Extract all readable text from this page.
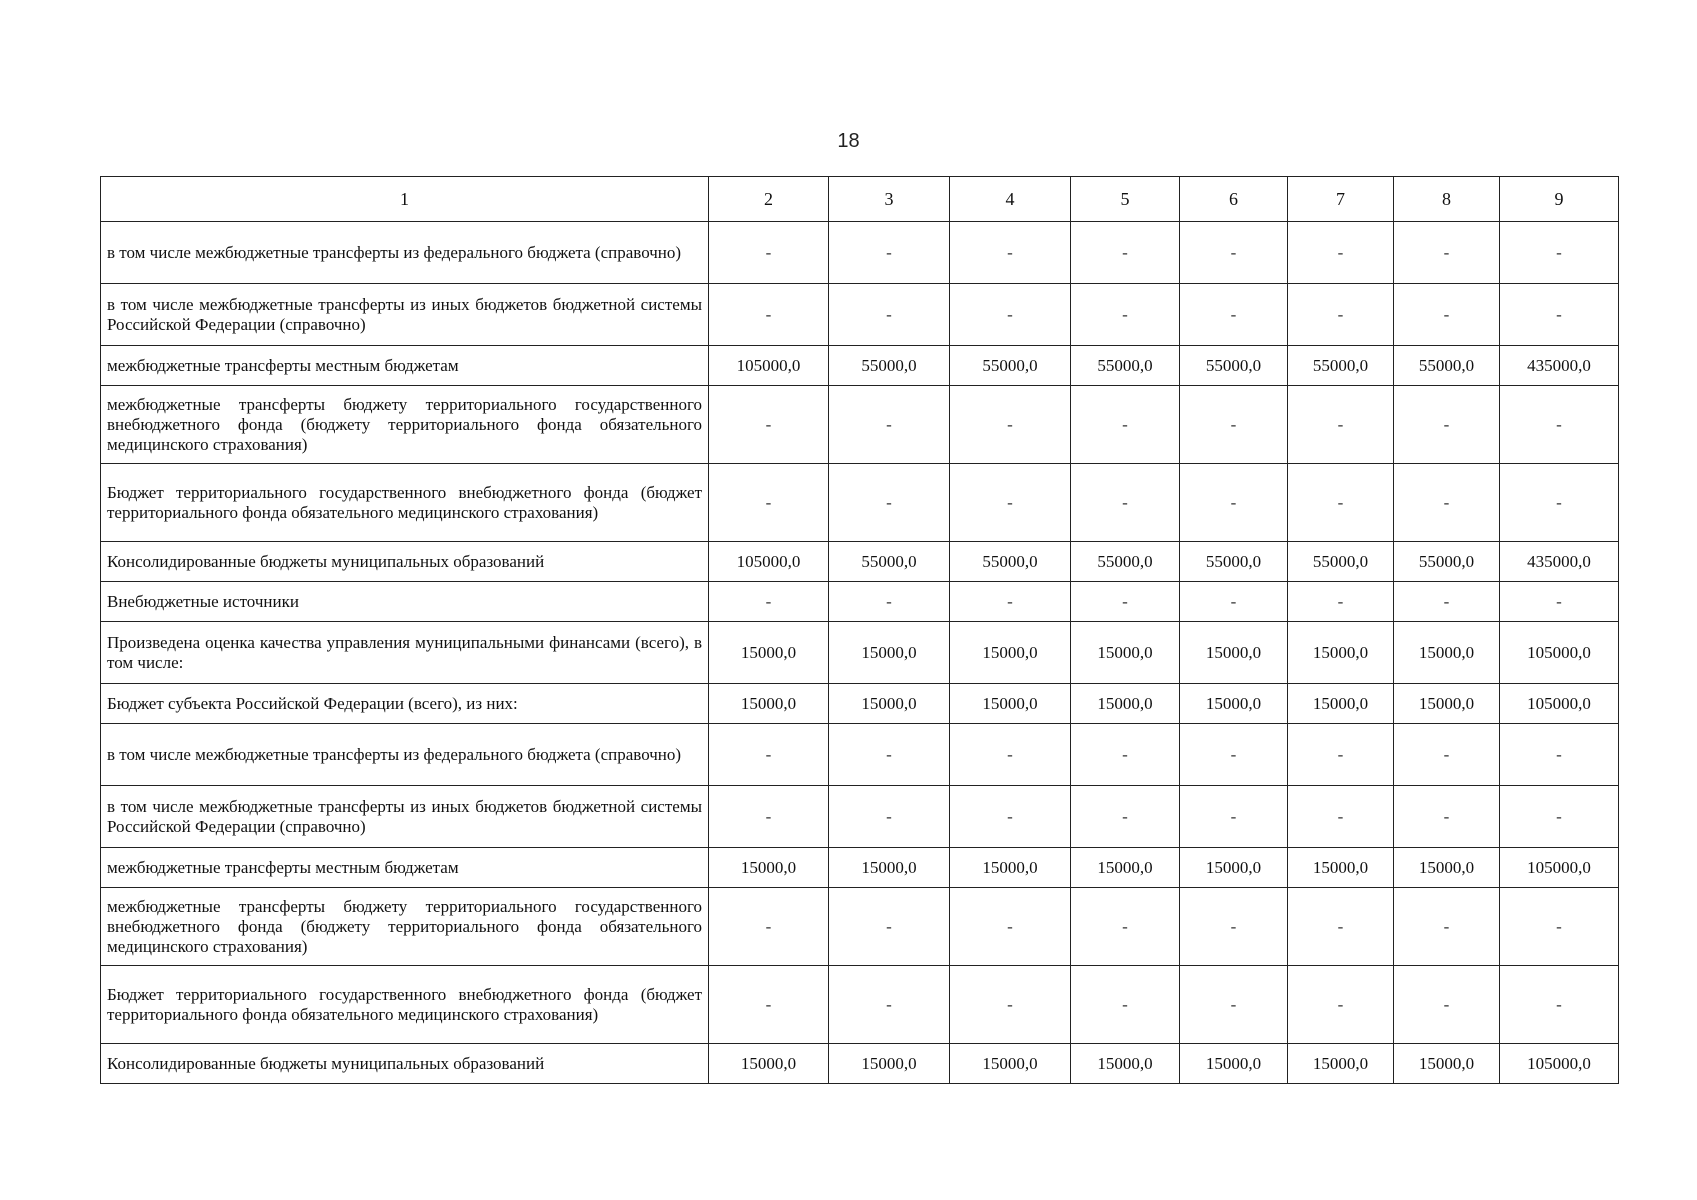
18
1	2	3	4	5	6	7	8	9
в том числе межбюджетные трансферты из федерального бюджета (справочно)	-	-	-	-	-	-	-	-
в том числе межбюджетные трансферты из иных бюджетов бюджетной системы Российской Федерации (справочно)	-	-	-	-	-	-	-	-
межбюджетные трансферты местным бюджетам	105000,0	55000,0	55000,0	55000,0	55000,0	55000,0	55000,0	435000,0
межбюджетные трансферты бюджету территориального государственного внебюджетного фонда (бюджету территориального фонда обязательного медицинского страхования)	-	-	-	-	-	-	-	-
Бюджет территориального государственного внебюджетного фонда (бюджет территориального фонда обязательного медицинского страхования)	-	-	-	-	-	-	-	-
Консолидированные бюджеты муниципальных образований	105000,0	55000,0	55000,0	55000,0	55000,0	55000,0	55000,0	435000,0
Внебюджетные источники	-	-	-	-	-	-	-	-
Произведена оценка качества управления муниципальными финансами (всего), в том числе:	15000,0	15000,0	15000,0	15000,0	15000,0	15000,0	15000,0	105000,0
Бюджет субъекта Российской Федерации (всего), из них:	15000,0	15000,0	15000,0	15000,0	15000,0	15000,0	15000,0	105000,0
в том числе межбюджетные трансферты из федерального бюджета (справочно)	-	-	-	-	-	-	-	-
в том числе межбюджетные трансферты из иных бюджетов бюджетной системы Российской Федерации (справочно)	-	-	-	-	-	-	-	-
межбюджетные трансферты местным бюджетам	15000,0	15000,0	15000,0	15000,0	15000,0	15000,0	15000,0	105000,0
межбюджетные трансферты бюджету территориального государственного внебюджетного фонда (бюджету территориального фонда обязательного медицинского страхования)	-	-	-	-	-	-	-	-
Бюджет территориального государственного внебюджетного фонда (бюджет территориального фонда обязательного медицинского страхования)	-	-	-	-	-	-	-	-
Консолидированные бюджеты муниципальных образований	15000,0	15000,0	15000,0	15000,0	15000,0	15000,0	15000,0	105000,0
